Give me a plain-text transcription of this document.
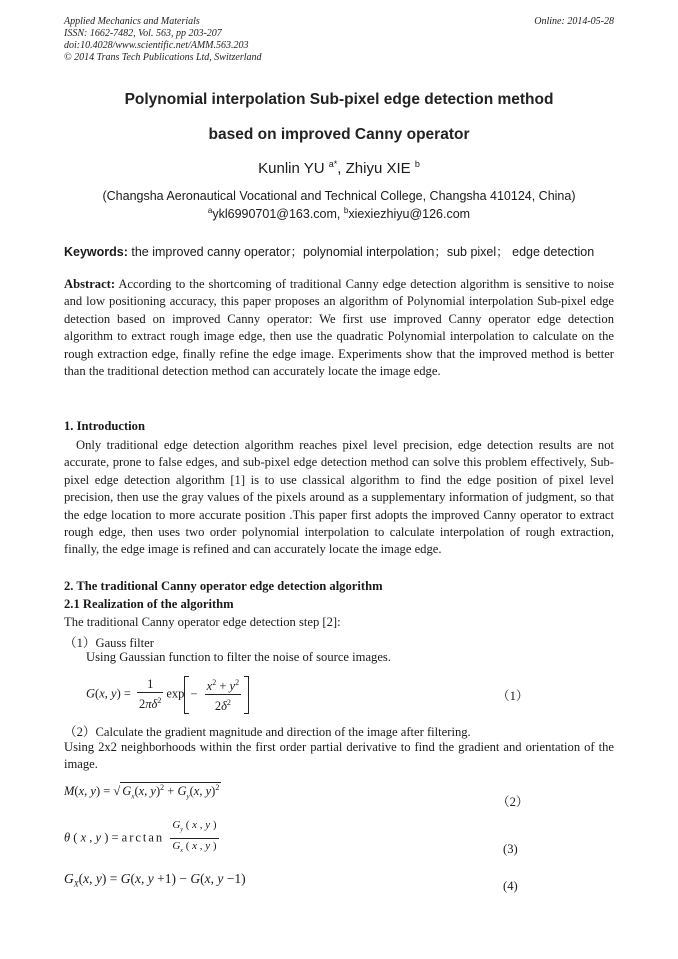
Applied Mechanics and Materials
ISSN: 1662-7482, Vol. 563, pp 203-207
doi:10.4028/www.scientific.net/AMM.563.203
© 2014 Trans Tech Publications Ltd, Switzerland
Online: 2014-05-28
Polynomial interpolation Sub-pixel edge detection method
based on improved Canny operator
Kunlin YU $^{a*}$, Zhiyu XIE $^b$
(Changsha Aeronautical Vocational and Technical College, Changsha 410124, China)
$^a$ykl6990701@163.com, $^b$xiexiezhiyu@126.com
Keywords: the improved canny operator；polynomial interpolation；sub pixel； edge detection
Abstract: According to the shortcoming of traditional Canny edge detection algorithm is sensitive to noise and low positioning accuracy, this paper proposes an algorithm of Polynomial interpolation Sub-pixel edge detection based on improved Canny operator: We first use improved Canny operator edge detection algorithm to extract rough image edge, then use the quadratic Polynomial interpolation to calculate on the rough extraction edge, finally refine the edge image. Experiments show that the improved method is better than the traditional detection method can accurately locate the image edge.
1. Introduction
Only traditional edge detection algorithm reaches pixel level precision, edge detection results are not accurate, prone to false edges, and sub-pixel edge detection method can solve this problem effectively, Sub-pixel edge detection algorithm [1] is to use classical algorithm to find the edge position of pixel level precision, then use the gray values of the pixels around as a supplementary information of judgment, so that the edge location to more accurate position .This paper first adopts the improved Canny operator to extract rough edge, then uses two order polynomial interpolation to calculate interpolation of rough extraction, finally, the edge image is refined and can accurately locate the image edge.
2. The traditional Canny operator edge detection algorithm
2.1 Realization of the algorithm
The traditional Canny operator edge detection step [2]:
（1）Gauss filter
Using Gaussian function to filter the noise of source images.
G(x, $y) = \frac{1}{2\pi\delta^2}$ $\exp - \frac{x^2 + y^2}{2\delta^2}$	（1）
（2）Calculate the gradient magnitude and direction of the image after filtering.
Using 2x2 neighborhoods within the first order partial derivative to find the gradient and orientation of the image.
M(x, y) = √ $G_x(x$, $y)^2 + G_y(x$, y)$^2$
（2）
θ ( x , y ) = $\arctan \frac{G_y ( x , y )}{G_x ( x , y )}$	(3)
$G_X(x$, y) = G(x, y +1) − G(x, y −1)	(4)
